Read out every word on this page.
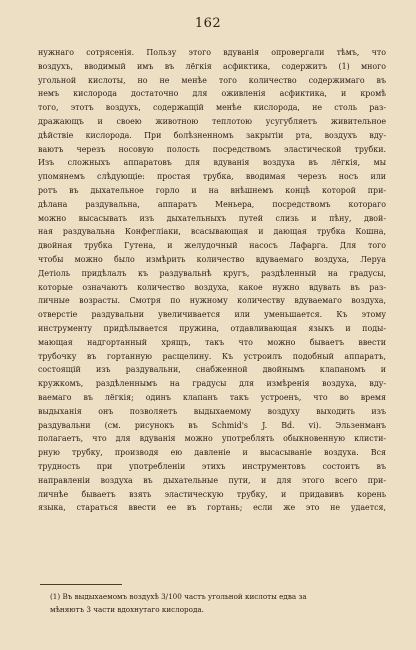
162
нужнаго сотрясенія. Пользу этого вдуванія опровергали тѣмъ, что
воздухъ, вводимый имъ въ лёгкія асфиктика, содержитъ (1) много
угольной кислоты, но не менѣе того количество содержимаго въ
немъ кислорода достаточно для оживленія асфиктика, и кромѣ
того, этотъ воздухъ, содержащій менѣе кислорода, не столь раз-
дражающъ и своею животною теплотою усугубляетъ живительное
дѣйствіе кислорода. При болѣзненномъ закрытіи рта, воздухъ вду-
ваютъ черезъ носовую полость посредствомъ эластической трубки.
Изъ сложныхъ аппаратовъ для вдуванія воздуха въ лёгкія, мы
упомянемъ слѣдующіе: простая трубка, вводимая черезъ носъ или
ротъ въ дыхательное горло и на внѣшнемъ концѣ которой при-
дѣлана раздувальна, аппаратъ Меньера, посредствомъ котораго
можно высасывать изъ дыхательныхъ путей слизь и пѣну, двой-
ная раздувальна Конфегліаки, всасывающая и дающая трубка Кошна,
двойная трубка Гутена, и желудочный насосъ Лафарга. Для того
чтобы можно было измѣрить количество вдуваемаго воздуха, Леруа
Детіоль придѣлалъ къ раздувальнѣ кругъ, раздѣленный на градусы,
которые означаютъ количество воздуха, какое нужно вдувать въ раз-
личные возрасты. Смотря по нужному количеству вдуваемаго воздуха,
отверстіе раздувальни увеличивается или уменьшается. Къ этому
инструменту придѣлывается пружина, отдавливающая языкъ и поды-
мающая надгортанный хрящъ, такъ что можно бываетъ ввести
трубочку въ гортанную расщелину. Къ устроилъ подобный аппаратъ,
состоящій изъ раздувальни, снабженной двойнымъ клапаномъ и
кружкомъ, раздѣленнымъ на градусы для измѣренія воздуха, вду-
ваемаго въ лёгкія; одинъ клапанъ такъ устроенъ, что во время
выдыханія онъ позволяетъ выдыхаемому воздуху выходить изъ
раздувальни (см. рисунокъ въ Schmid's J. Bd. vi). Эльзенманъ
полагаетъ, что для вдуванія можно употреблять обыкновенную клисти-
рную трубку, производя ею давленіе и высасываніе воздуха. Вся
трудность при употребленіи этихъ инструментовъ состоитъ въ
направленіи воздуха въ дыхательные пути, и для этого всего при-
личнѣе бываетъ взять эластическую трубку, и придавивъ корень
языка, стараться ввести ее въ гортань; если же это не удается,
(1) Въ выдыхаемомъ воздухѣ 3/100 частъ угольной кислоты едва за
мѣняютъ 3 части вдохнутаго кислорода.
